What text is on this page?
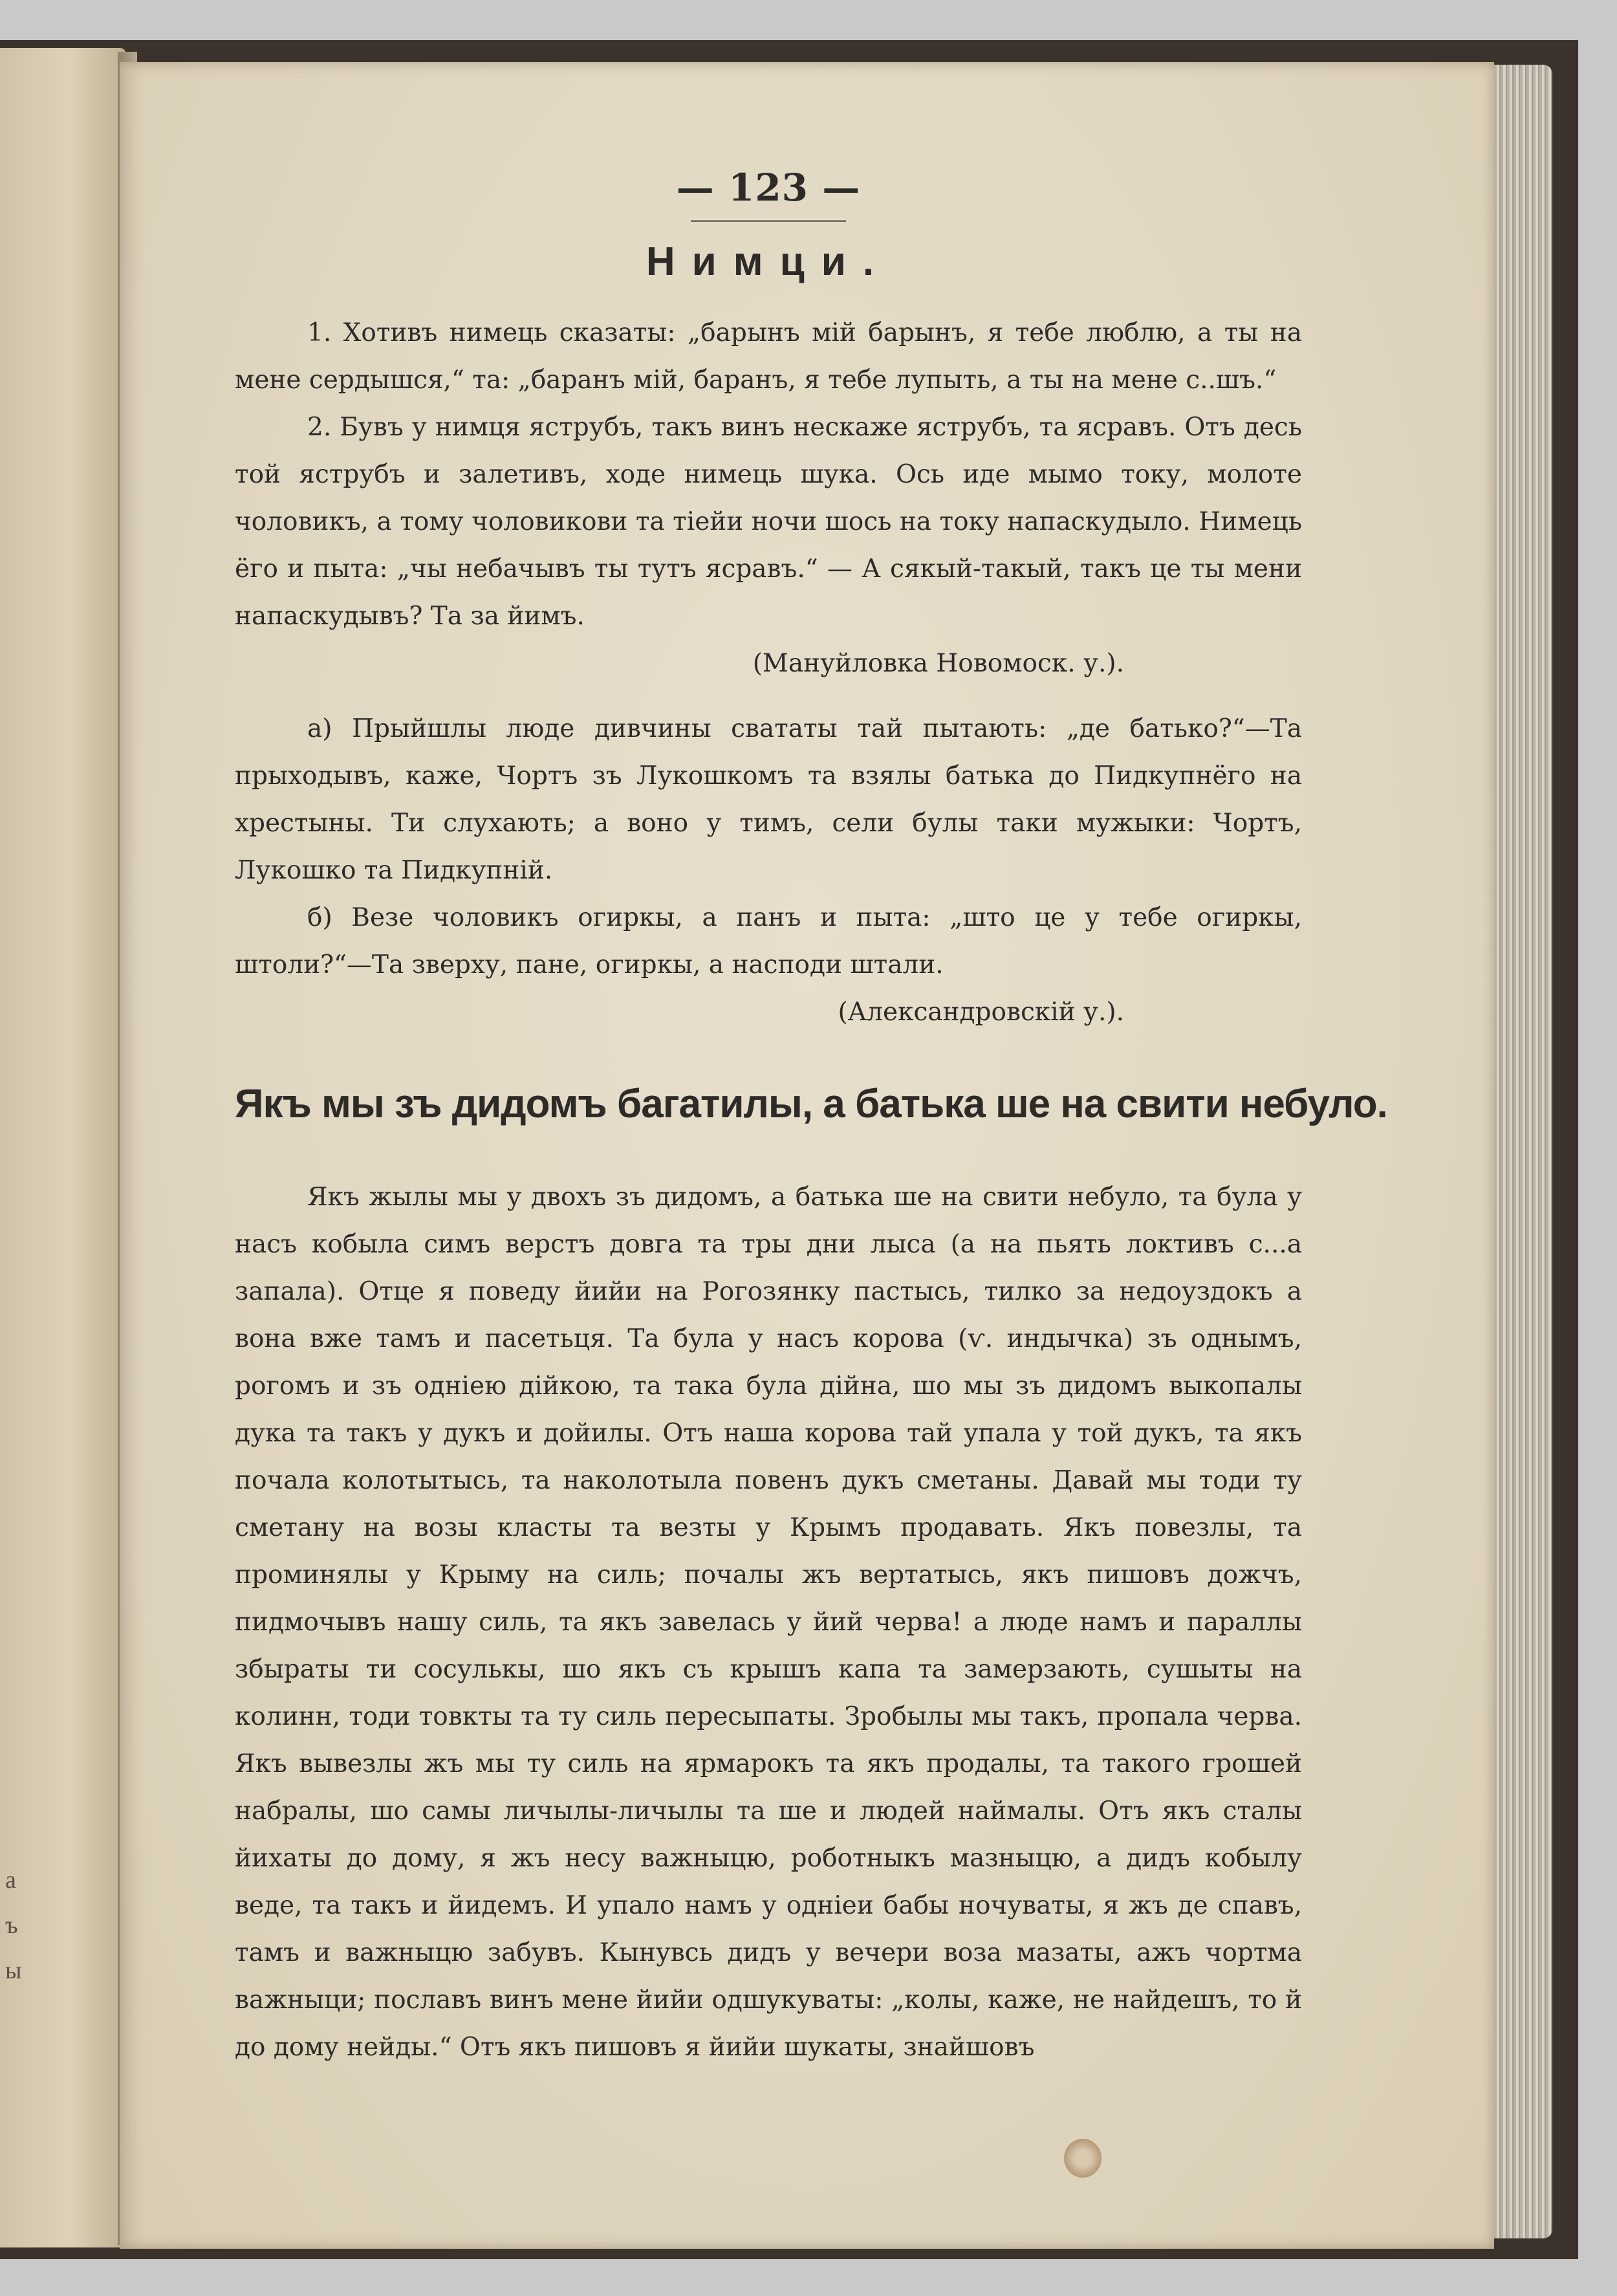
а
ъ
ы
— 123 —
Нимци.

1. Хотивъ нимець сказаты: „барынъ мій барынъ, я тебе люблю, а ты на мене сердышся,“ та: „баранъ мій, баранъ, я тебе лупыть, а ты на мене с..шъ.“

2. Бувъ у нимця яструбъ, такъ винъ нескаже яструбъ, та ясравъ. Отъ десь той яструбъ и залетивъ, ходе нимець шука. Ось иде мымо току, молоте чоловикъ, а тому чоловикови та тіейи ночи шось на току напаскудыло. Нимець ёго и пыта: „чы небачывъ ты тутъ ясравъ.“ — А сякый-такый, такъ це ты мени напаскудывъ? Та за йимъ.

(Мануйловка Новомоск. у.).

а) Прыйшлы люде дивчины свататы тай пытають: „де батько?“—Та прыходывъ, каже, Чортъ зъ Лукошкомъ та взялы батька до Пидкупнёго на хрестыны. Ти слухають; а воно у тимъ, сели булы таки мужыки: Чортъ, Лукошко та Пидкупній.

б) Везе чоловикъ огиркы, а панъ и пыта: „што це у тебе огиркы, штоли?“—Та зверху, пане, огиркы, а насподи штали.

(Александровскій у.).
Якъ мы зъ дидомъ багатилы, а батька ше на свити небуло.

Якъ жылы мы у двохъ зъ дидомъ, а батька ше на свити небуло, та була у насъ кобыла симъ верстъ довга та тры дни лыса (а на пьять локтивъ с...а запала). Отце я поведу йийи на Рогозянку пастысь, тилко за недоуздокъ а вона вже тамъ и пасетьця. Та була у насъ корова (ѵ. индычка) зъ однымъ, рогомъ и зъ одніею дійкою, та така була дійна, шо мы зъ дидомъ выкопалы дука та такъ у дукъ и дойилы. Отъ наша корова тай упала у той дукъ, та якъ почала колотытысь, та наколотыла повенъ дукъ сметаны. Давай мы тоди ту сметану на возы класты та везты у Крымъ продавать. Якъ повезлы, та проминялы у Крыму на силь; почалы жъ вертатысь, якъ пишовъ дожчъ, пидмочывъ нашу силь, та якъ завелась у йий черва! а люде намъ и параллы збыраты ти сосулькы, шо якъ съ крышъ капа та замерзають, сушыты на колинн, тоди товкты та ту силь пересыпаты. Зробылы мы такъ, пропала черва. Якъ вывезлы жъ мы ту силь на ярмарокъ та якъ продалы, та такого грошей набралы, шо самы личылы-личылы та ше и людей наймалы. Отъ якъ сталы йихаты до дому, я жъ несу важныцю, роботныкъ мазныцю, а дидъ кобылу веде, та такъ и йидемъ. И упало намъ у одніеи бабы ночуваты, я жъ де спавъ, тамъ и важныцю забувъ. Кынувсь дидъ у вечери воза мазаты, ажъ чортма важныци; пославъ винъ мене йийи одшукуваты: „колы, каже, не найдешъ, то й до дому нейды.“ Отъ якъ пишовъ я йийи шукаты, знайшовъ
